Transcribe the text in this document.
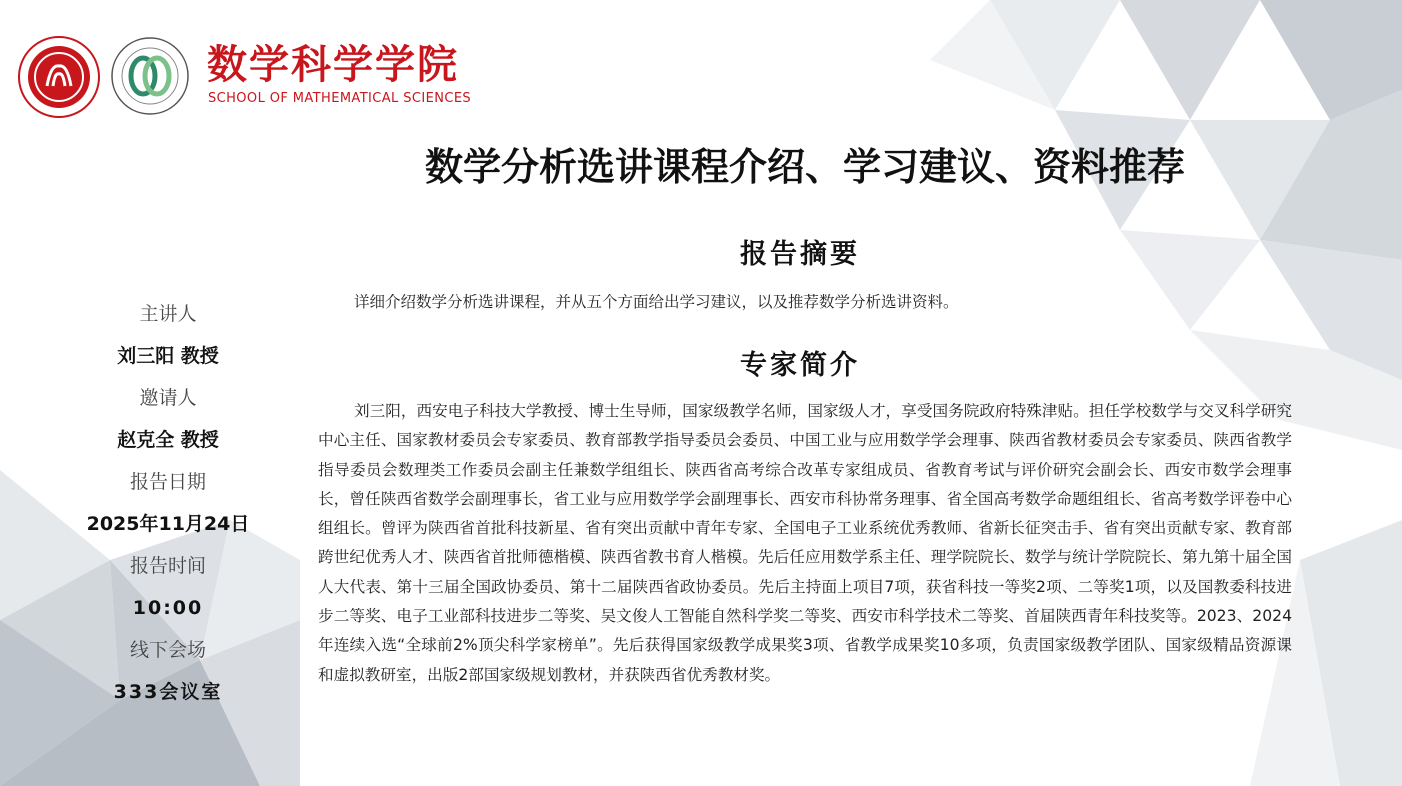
数学科学学院
SCHOOL OF MATHEMATICAL SCIENCES
数学分析选讲课程介绍、学习建议、资料推荐
主讲人
刘三阳 教授
邀请人
赵克全 教授
报告日期
2025年11月24日
报告时间
10:00
线下会场
333会议室
报告摘要
详细介绍数学分析选讲课程，并从五个方面给出学习建议，以及推荐数学分析选讲资料。
专家简介
刘三阳，西安电子科技大学教授、博士生导师，国家级教学名师，国家级人才，享受国务院政府特殊津贴。担任学校数学与交叉科学研究中心主任、国家教材委员会专家委员、教育部教学指导委员会委员、中国工业与应用数学学会理事、陕西省教材委员会专家委员、陕西省教学指导委员会数理类工作委员会副主任兼数学组组长、陕西省高考综合改革专家组成员、省教育考试与评价研究会副会长、西安市数学会理事长，曾任陕西省数学会副理事长，省工业与应用数学学会副理事长、西安市科协常务理事、省全国高考数学命题组组长、省高考数学评卷中心组组长。曾评为陕西省首批科技新星、省有突出贡献中青年专家、全国电子工业系统优秀教师、省新长征突击手、省有突出贡献专家、教育部跨世纪优秀人才、陕西省首批师德楷模、陕西省教书育人楷模。先后任应用数学系主任、理学院院长、数学与统计学院院长、第九第十届全国人大代表、第十三届全国政协委员、第十二届陕西省政协委员。先后主持面上项目7项，获省科技一等奖2项、二等奖1项，以及国教委科技进步二等奖、电子工业部科技进步二等奖、吴文俊人工智能自然科学奖二等奖、西安市科学技术二等奖、首届陕西青年科技奖等。2023、2024年连续入选“全球前2%顶尖科学家榜单”。先后获得国家级教学成果奖3项、省教学成果奖10多项，负责国家级教学团队、国家级精品资源课和虚拟教研室，出版2部国家级规划教材，并获陕西省优秀教材奖。
